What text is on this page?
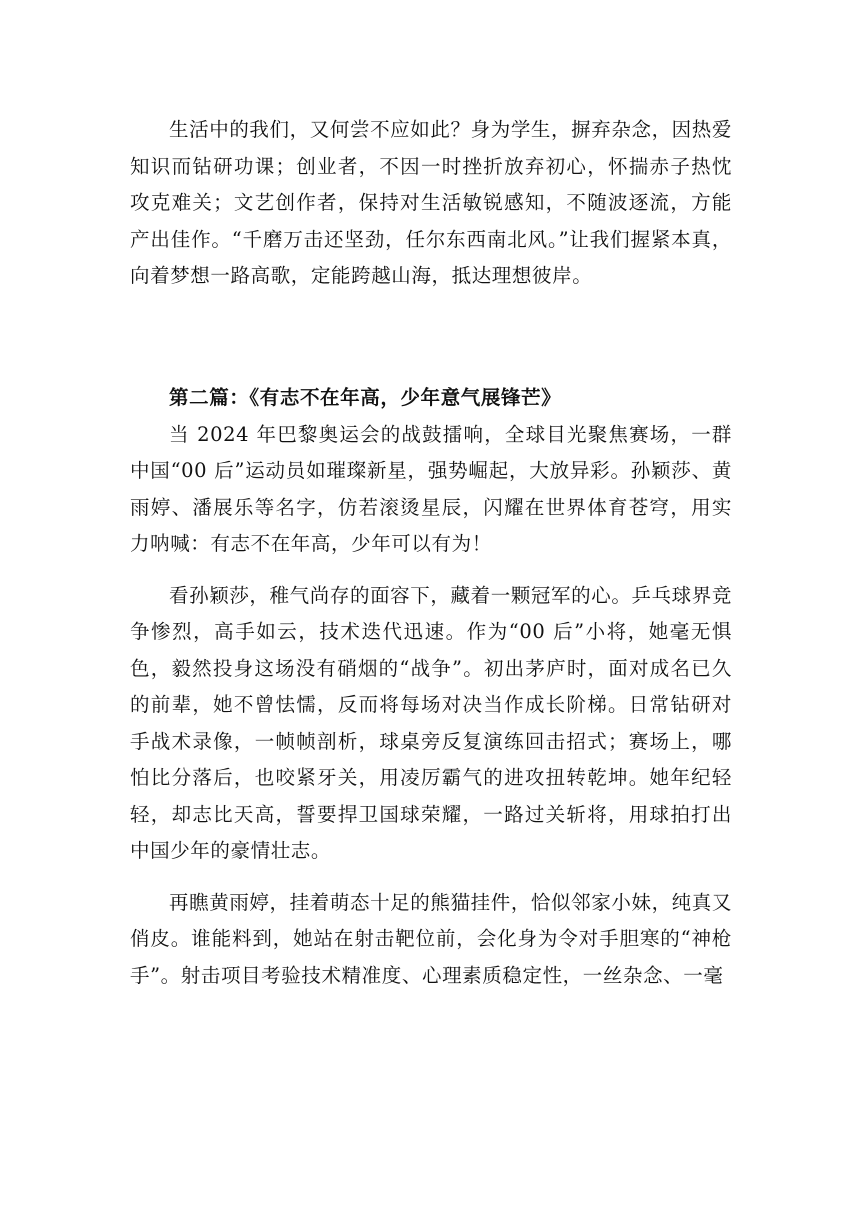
生活中的我们，又何尝不应如此？身为学生，摒弃杂念，因热爱知识而钻研功课；创业者，不因一时挫折放弃初心，怀揣赤子热忱攻克难关；文艺创作者，保持对生活敏锐感知，不随波逐流，方能产出佳作。“千磨万击还坚劲，任尔东西南北风。”让我们握紧本真，向着梦想一路高歌，定能跨越山海，抵达理想彼岸。

第二篇：《有志不在年高，少年意气展锋芒》

当 2024 年巴黎奥运会的战鼓擂响，全球目光聚焦赛场，一群中国“00 后”运动员如璀璨新星，强势崛起，大放异彩。孙颖莎、黄雨婷、潘展乐等名字，仿若滚烫星辰，闪耀在世界体育苍穹，用实力呐喊：有志不在年高，少年可以有为！

看孙颖莎，稚气尚存的面容下，藏着一颗冠军的心。乒乓球界竞争惨烈，高手如云，技术迭代迅速。作为“00 后”小将，她毫无惧色，毅然投身这场没有硝烟的“战争”。初出茅庐时，面对成名已久的前辈，她不曾怯懦，反而将每场对决当作成长阶梯。日常钻研对手战术录像，一帧帧剖析，球桌旁反复演练回击招式；赛场上，哪怕比分落后，也咬紧牙关，用凌厉霸气的进攻扭转乾坤。她年纪轻轻，却志比天高，誓要捍卫国球荣耀，一路过关斩将，用球拍打出中国少年的豪情壮志。

再瞧黄雨婷，挂着萌态十足的熊猫挂件，恰似邻家小妹，纯真又俏皮。谁能料到，她站在射击靶位前，会化身为令对手胆寒的“神枪手”。射击项目考验技术精准度、心理素质稳定性，一丝杂念、一毫
